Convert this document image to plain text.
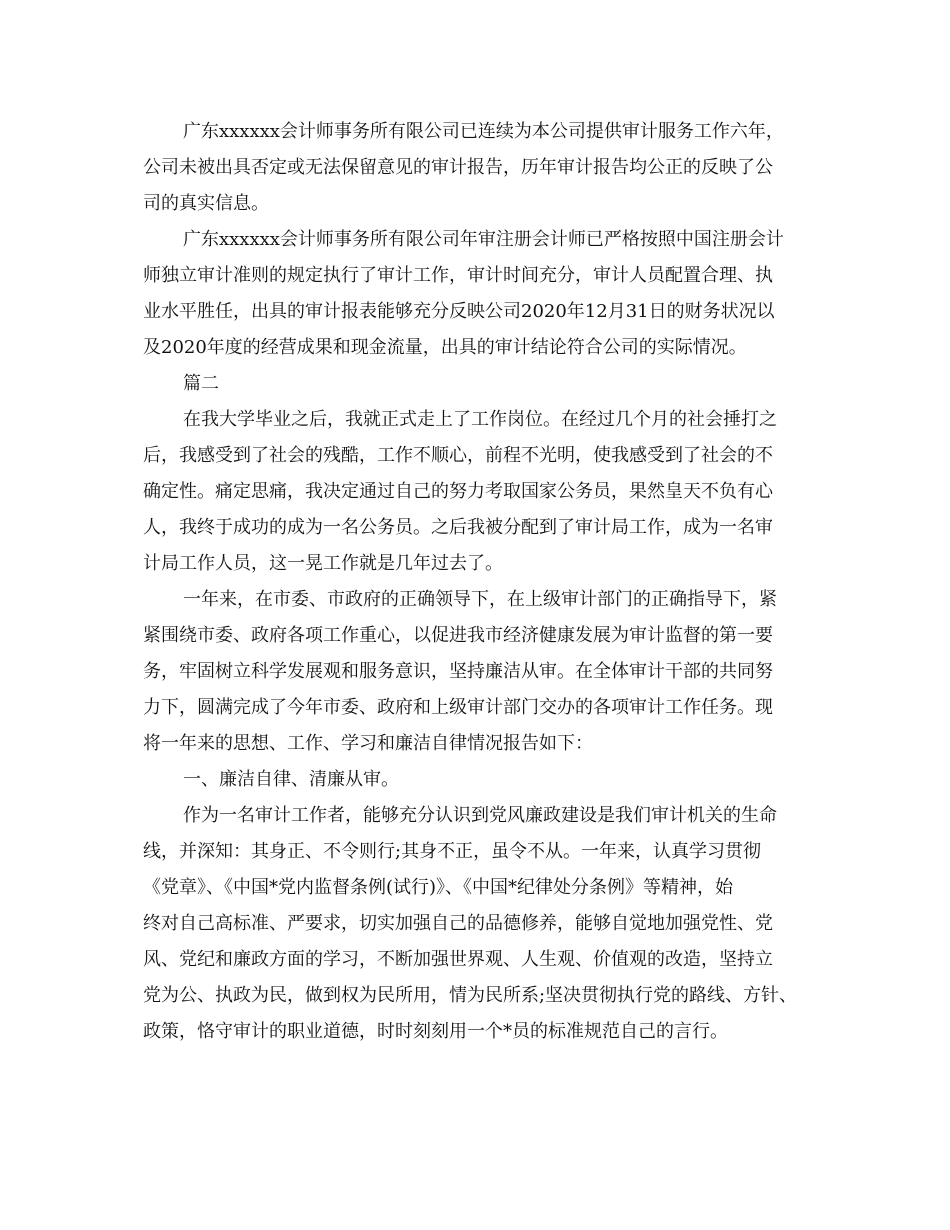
广东xxxxxx会计师事务所有限公司已连续为本公司提供审计服务工作六年，
公司未被出具否定或无法保留意见的审计报告，历年审计报告均公正的反映了公
司的真实信息。
广东xxxxxx会计师事务所有限公司年审注册会计师已严格按照中国注册会计
师独立审计准则的规定执行了审计工作，审计时间充分，审计人员配置合理、执
业水平胜任，出具的审计报表能够充分反映公司2020年12月31日的财务状况以
及2020年度的经营成果和现金流量，出具的审计结论符合公司的实际情况。
篇二
在我大学毕业之后，我就正式走上了工作岗位。在经过几个月的社会捶打之
后，我感受到了社会的残酷，工作不顺心，前程不光明，使我感受到了社会的不
确定性。痛定思痛，我决定通过自己的努力考取国家公务员，果然皇天不负有心
人，我终于成功的成为一名公务员。之后我被分配到了审计局工作，成为一名审
计局工作人员，这一晃工作就是几年过去了。
一年来，在市委、市政府的正确领导下，在上级审计部门的正确指导下，紧
紧围绕市委、政府各项工作重心，以促进我市经济健康发展为审计监督的第一要
务，牢固树立科学发展观和服务意识，坚持廉洁从审。在全体审计干部的共同努
力下，圆满完成了今年市委、政府和上级审计部门交办的各项审计工作任务。现
将一年来的思想、工作、学习和廉洁自律情况报告如下：
一、廉洁自律、清廉从审。
作为一名审计工作者，能够充分认识到党风廉政建设是我们审计机关的生命
线，并深知：其身正、不令则行;其身不正，虽令不从。一年来，认真学习贯彻
《党章》、《中国*党内监督条例(试行)》、《中国*纪律处分条例》等精神，始
终对自己高标准、严要求，切实加强自己的品德修养，能够自觉地加强党性、党
风、党纪和廉政方面的学习，不断加强世界观、人生观、价值观的改造，坚持立
党为公、执政为民，做到权为民所用，情为民所系;坚决贯彻执行党的路线、方针、
政策，恪守审计的职业道德，时时刻刻用一个*员的标准规范自己的言行。
